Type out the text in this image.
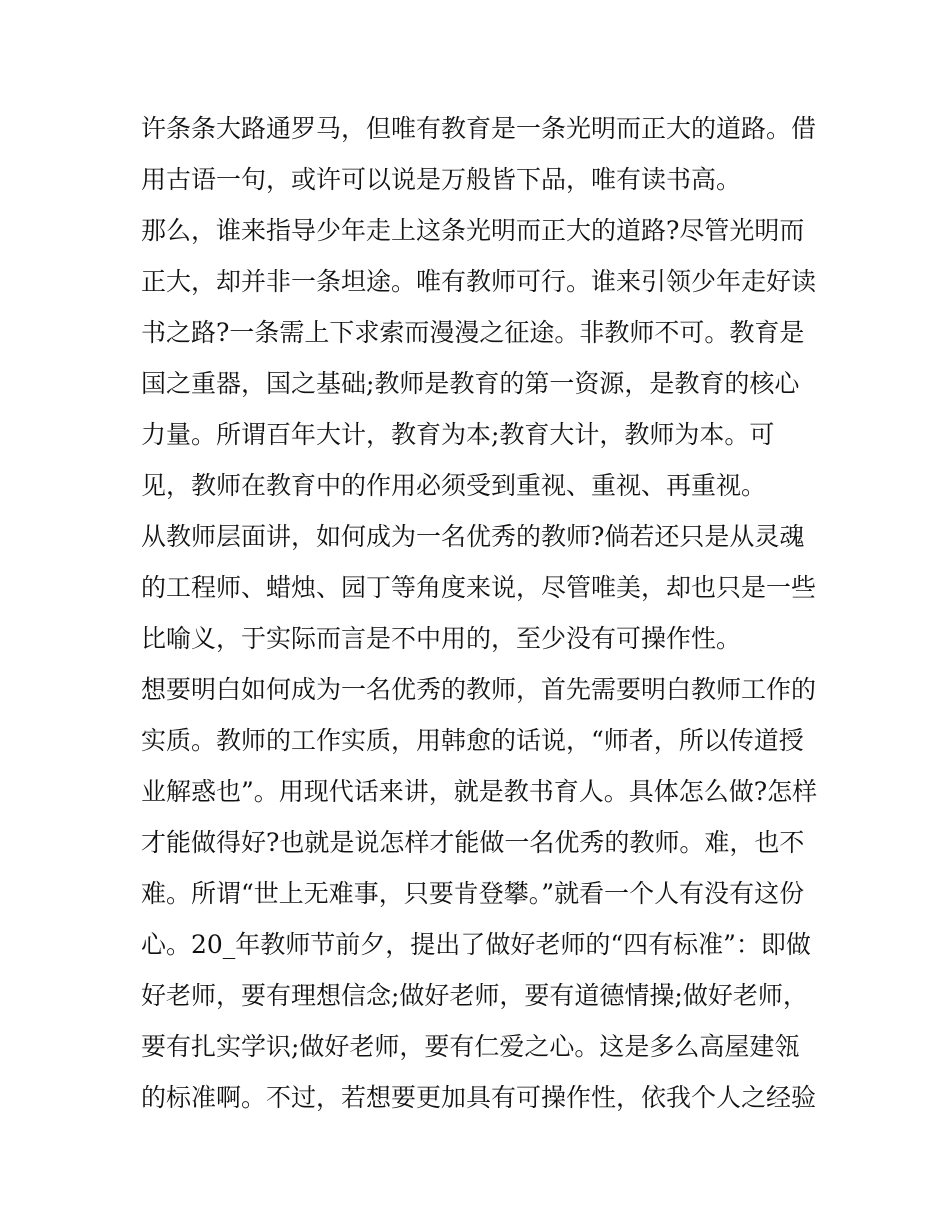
许条条大路通罗马，但唯有教育是一条光明而正大的道路。借
用古语一句，或许可以说是万般皆下品，唯有读书高。
那么，谁来指导少年走上这条光明而正大的道路?尽管光明而
正大，却并非一条坦途。唯有教师可行。谁来引领少年走好读
书之路?一条需上下求索而漫漫之征途。非教师不可。教育是
国之重器，国之基础;教师是教育的第一资源，是教育的核心
力量。所谓百年大计，教育为本;教育大计，教师为本。可
见，教师在教育中的作用必须受到重视、重视、再重视。
从教师层面讲，如何成为一名优秀的教师?倘若还只是从灵魂
的工程师、蜡烛、园丁等角度来说，尽管唯美，却也只是一些
比喻义，于实际而言是不中用的，至少没有可操作性。
想要明白如何成为一名优秀的教师，首先需要明白教师工作的
实质。教师的工作实质，用韩愈的话说，“师者，所以传道授
业解惑也”。用现代话来讲，就是教书育人。具体怎么做?怎样
才能做得好?也就是说怎样才能做一名优秀的教师。难，也不
难。所谓“世上无难事，只要肯登攀。”就看一个人有没有这份
心。20_年教师节前夕，提出了做好老师的“四有标准”：即做
好老师，要有理想信念;做好老师，要有道德情操;做好老师，
要有扎实学识;做好老师，要有仁爱之心。这是多么高屋建瓴
的标准啊。不过，若想要更加具有可操作性，依我个人之经验
